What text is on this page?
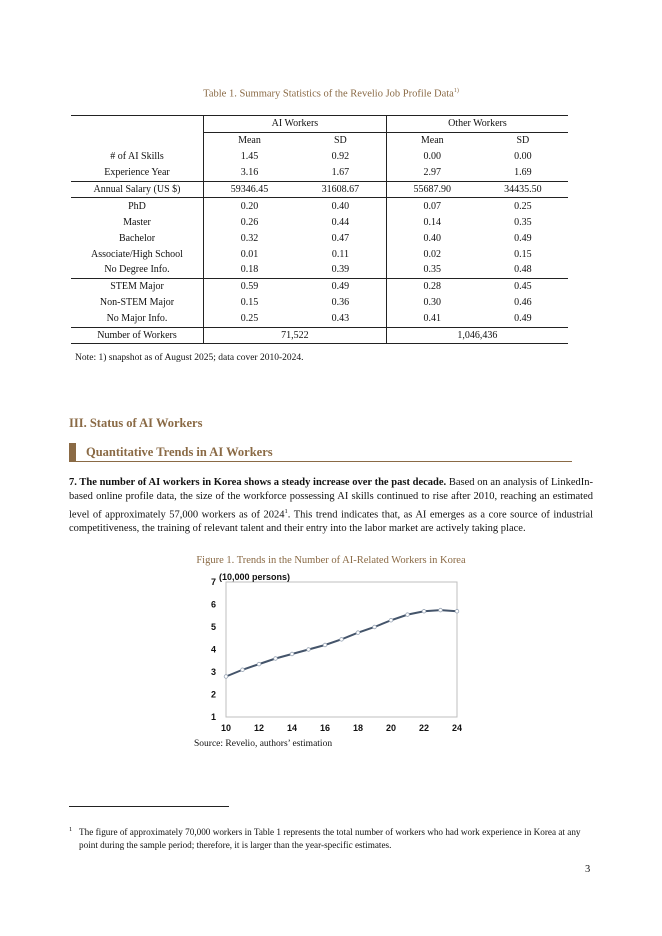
Table 1. Summary Statistics of the Revelio Job Profile Data$^{1)}$
	AI Workers		Other Workers	
	Mean	SD	Mean	SD
# of AI Skills	1.45	0.92	0.00	0.00
Experience Year	3.16	1.67	2.97	1.69
Annual Salary (US $)	59346.45	31608.67	55687.90	34435.50
PhD	0.20	0.40	0.07	0.25
Master	0.26	0.44	0.14	0.35
Bachelor	0.32	0.47	0.40	0.49
Associate/High School	0.01	0.11	0.02	0.15
No Degree Info.	0.18	0.39	0.35	0.48
STEM Major	0.59	0.49	0.28	0.45
Non-STEM Major	0.15	0.36	0.30	0.46
No Major Info.	0.25	0.43	0.41	0.49
Number of Workers	71,522		1,046,436	
Note: 1) snapshot as of August 2025; data cover 2010-2024.
III. Status of AI Workers
Quantitative Trends in AI Workers
7. The number of AI workers in Korea shows a steady increase over the past decade. Based on an analysis of LinkedIn-based online profile data, the size of the workforce possessing AI skills continued to rise after 2010, reaching an estimated level of approximately 57,000 workers as of 2024$^1$. This trend indicates that, as AI emerges as a core source of industrial competitiveness, the training of relevant talent and their entry into the labor market are actively taking place.
Figure 1. Trends in the Number of AI-Related Workers in Korea
1
2
3
4
5
6
7
10	12	14	16	18	20	22	24
(10,000 persons)
Source: Revelio, authors’ estimation
1 The figure of approximately 70,000 workers in Table 1 represents the total number of workers who had work experience in Korea at any point during the sample period; therefore, it is larger than the year-specific estimates.
3
